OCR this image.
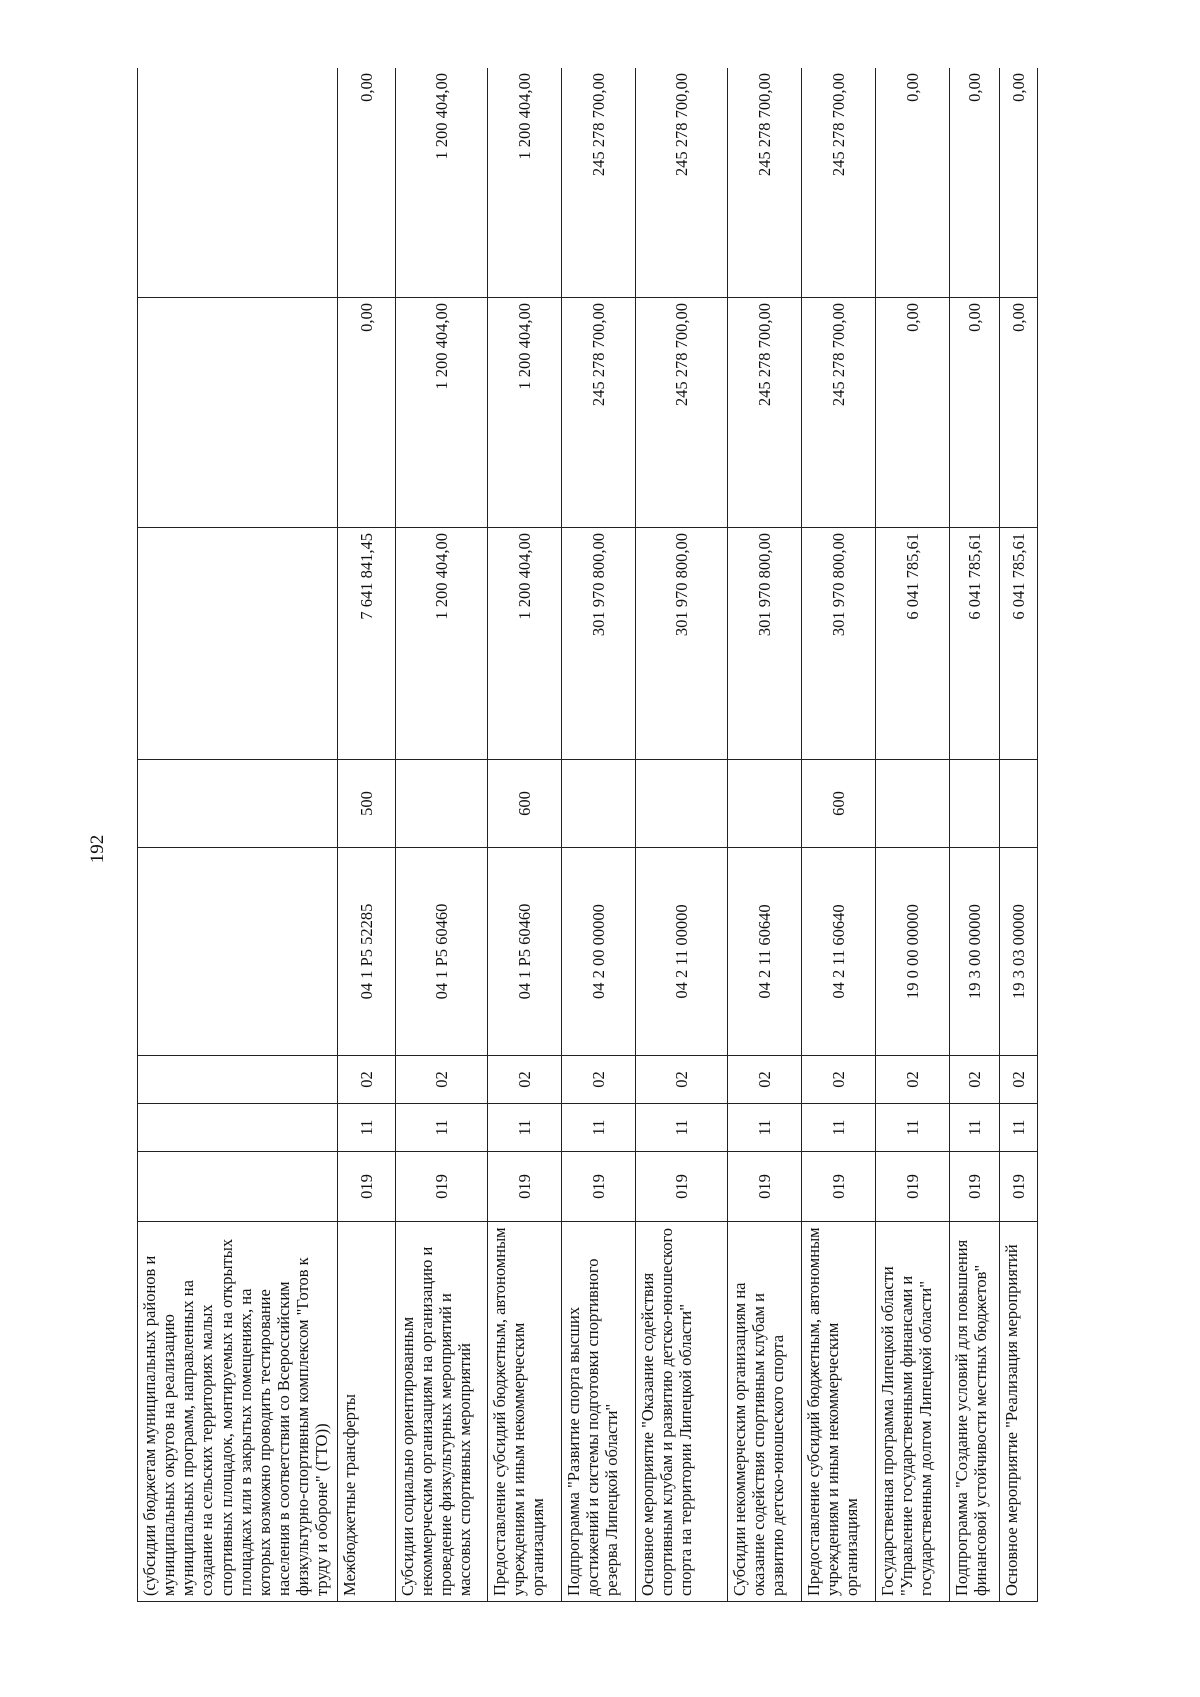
192
(субсидии бюджетам муниципальных районов и муниципальных округов на реализацию муниципальных программ, направленных на создание на сельских территориях малых спортивных площадок, монтируемых на открытых площадках или в закрытых помещениях, на которых возможно проводить тестирование населения в соответствии со Всероссийским физкультурно-спортивным комплексом "Готов к труду и обороне" (ГТО))								
Межбюджетные трансферты	019	11	02	04 1 Р5 52285	500	7 641 841,45	0,00	0,00
Субсидии социально ориентированным некоммерческим организациям на организацию и проведение физкультурных мероприятий и массовых спортивных мероприятий	019	11	02	04 1 Р5 60460		1 200 404,00	1 200 404,00	1 200 404,00
Предоставление субсидий бюджетным, автономным учреждениям и иным некоммерческим организациям	019	11	02	04 1 Р5 60460	600	1 200 404,00	1 200 404,00	1 200 404,00
Подпрограмма "Развитие спорта высших достижений и системы подготовки спортивного резерва Липецкой области"	019	11	02	04 2 00 00000		301 970 800,00	245 278 700,00	245 278 700,00
Основное мероприятие "Оказание содействия спортивным клубам и развитию детско-юношеского спорта на территории Липецкой области"	019	11	02	04 2 11 00000		301 970 800,00	245 278 700,00	245 278 700,00
Субсидии некоммерческим организациям на оказание содействия спортивным клубам и развитию детско-юношеского спорта	019	11	02	04 2 11 60640		301 970 800,00	245 278 700,00	245 278 700,00
Предоставление субсидий бюджетным, автономным учреждениям и иным некоммерческим организациям	019	11	02	04 2 11 60640	600	301 970 800,00	245 278 700,00	245 278 700,00
Государственная программа Липецкой области "Управление государственными финансами и государственным долгом Липецкой области"	019	11	02	19 0 00 00000		6 041 785,61	0,00	0,00
Подпрограмма "Создание условий для повышения финансовой устойчивости местных бюджетов"	019	11	02	19 3 00 00000		6 041 785,61	0,00	0,00
Основное мероприятие "Реализация мероприятий	019	11	02	19 3 03 00000		6 041 785,61	0,00	0,00
